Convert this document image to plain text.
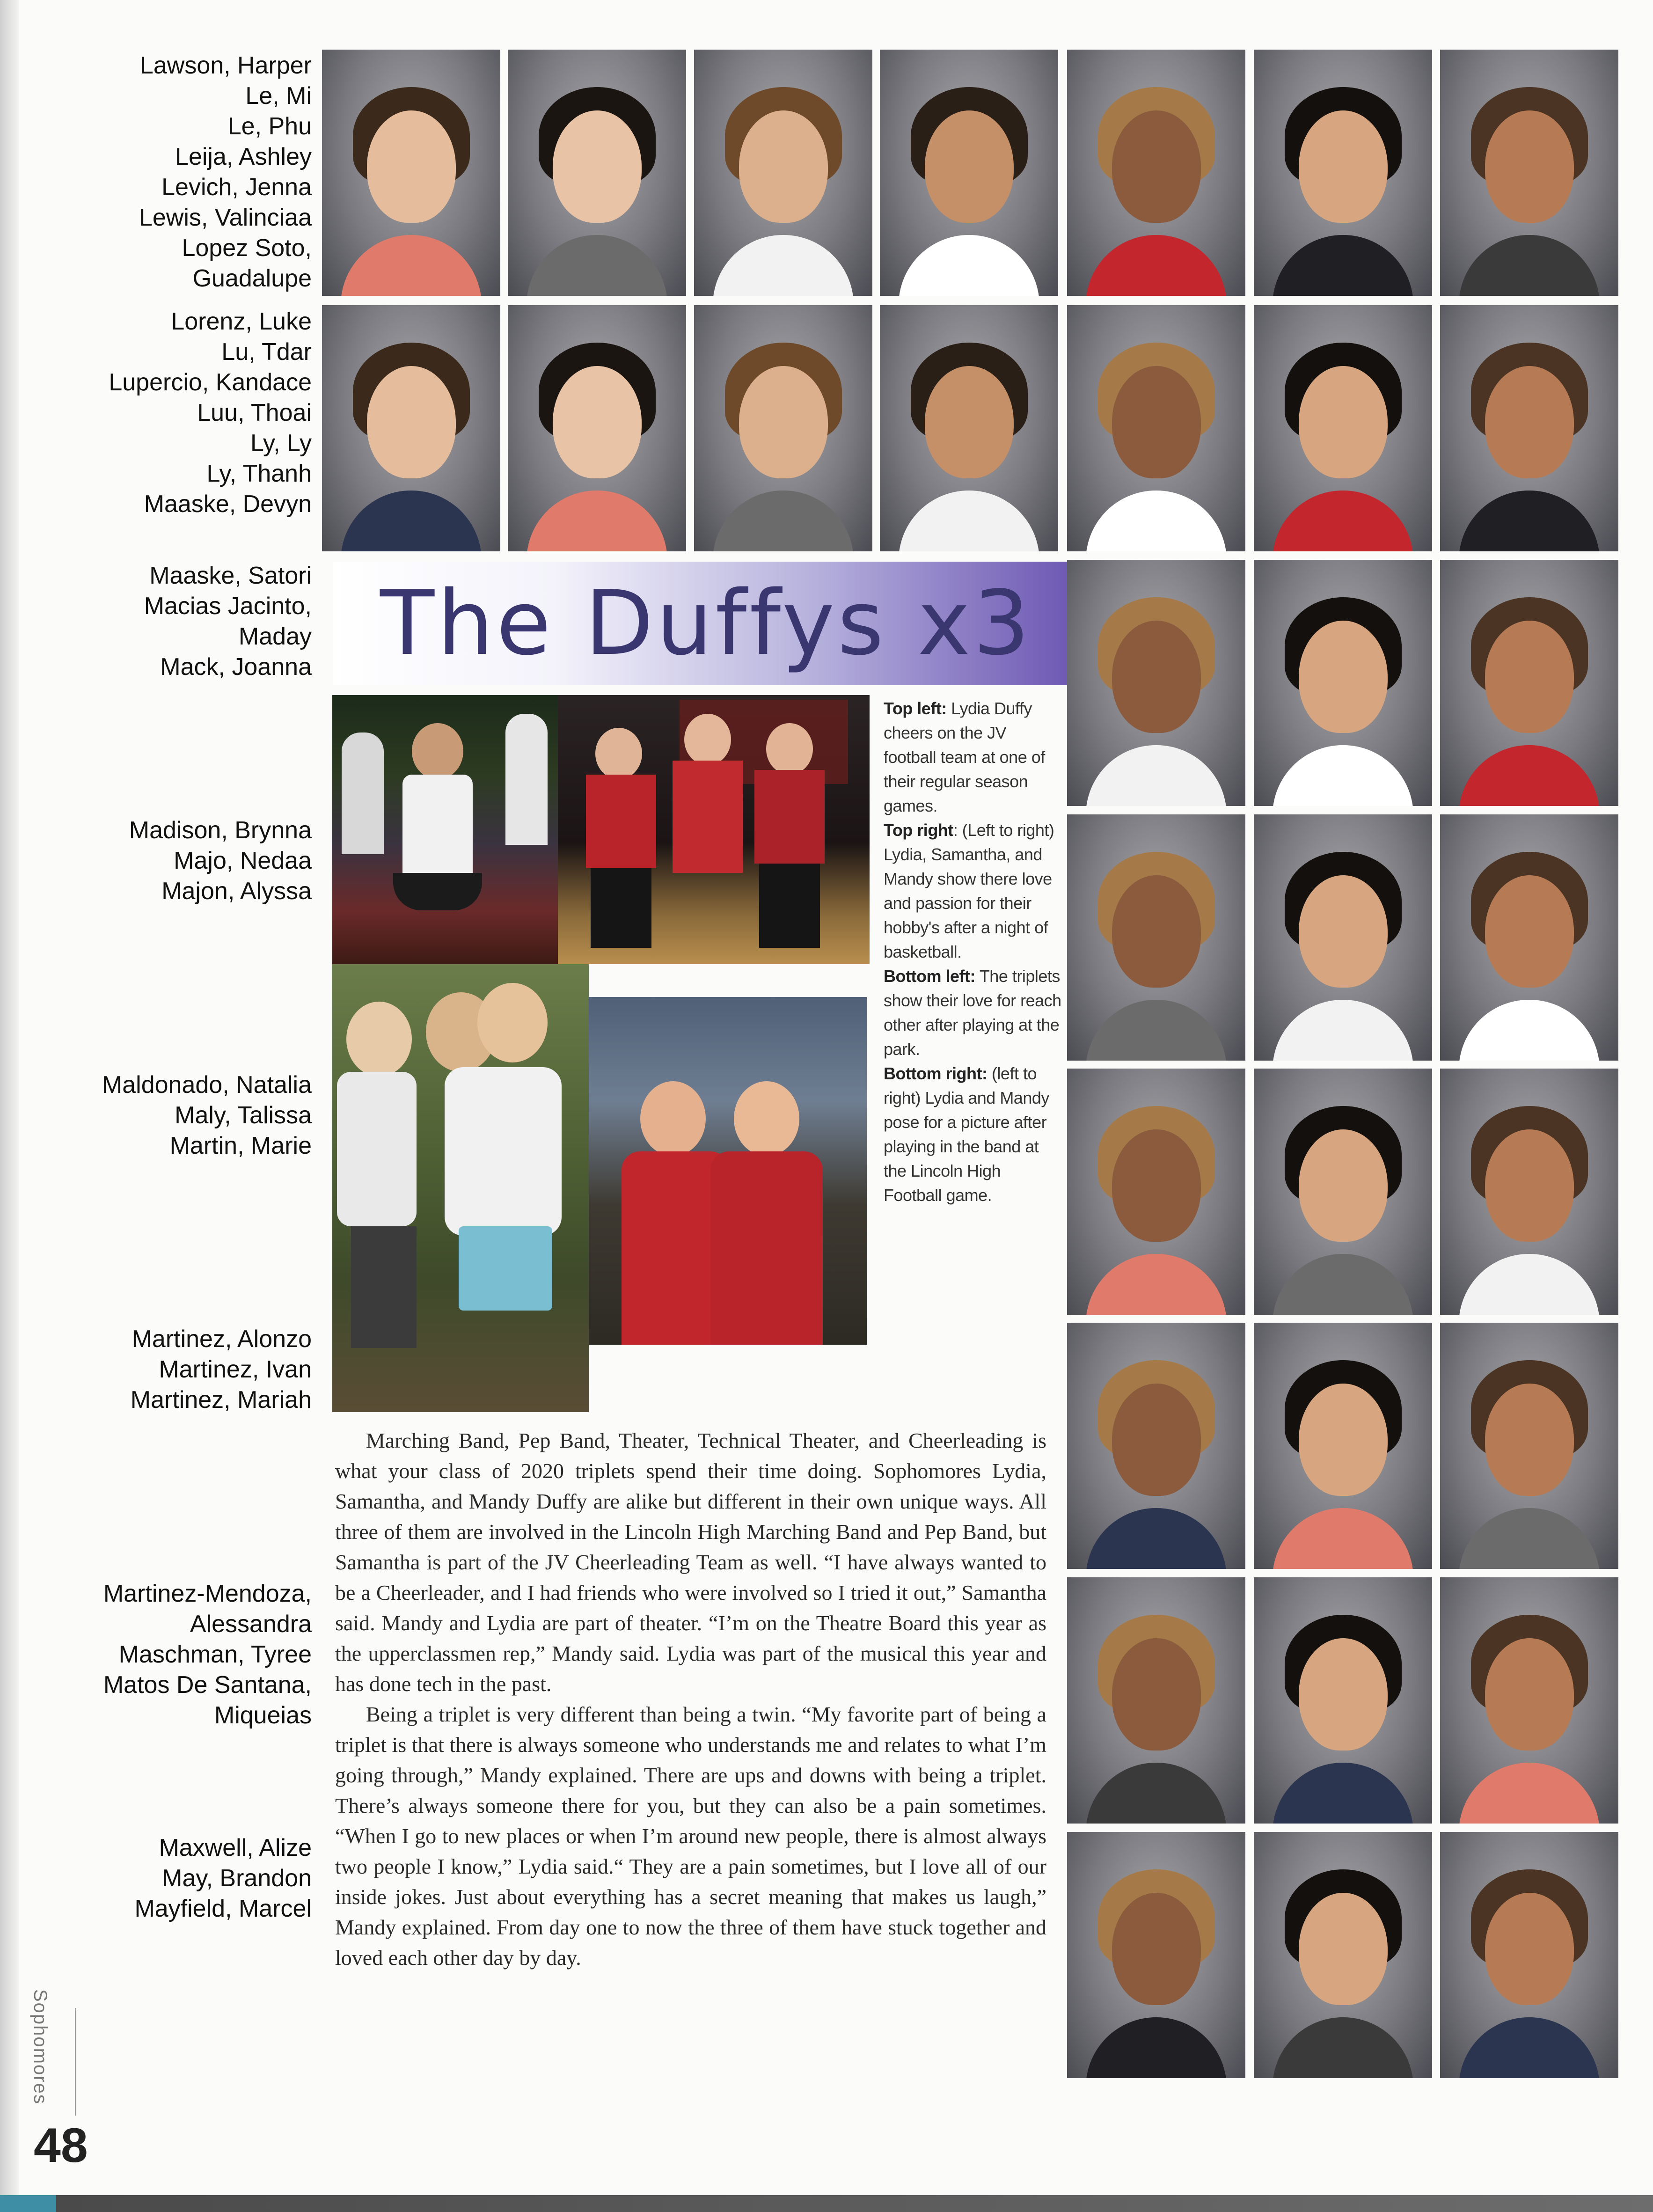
Lawson, Harper
Le, Mi
Le, Phu
Leija, Ashley
Levich, Jenna
Lewis, Valinciaa
Lopez Soto,
Guadalupe
Lorenz, Luke
Lu, Tdar
Lupercio, Kandace
Luu, Thoai
Ly, Ly
Ly, Thanh
Maaske, Devyn
Maaske, Satori
Macias Jacinto,
Maday
Mack, Joanna
Madison, Brynna
Majo, Nedaa
Majon, Alyssa
Maldonado, Natalia
Maly, Talissa
Martin, Marie
Martinez, Alonzo
Martinez, Ivan
Martinez, Mariah
Martinez-Mendoza,
Alessandra
Maschman, Tyree
Matos De Santana,
Miqueias
Maxwell, Alize
May, Brandon
Mayfield, Marcel
The Duffys x3
Top left: Lydia Duffy cheers on the JV football team at one of their regular season games.
Top right: (Left to right) Lydia, Samantha, and Mandy show there love and passion for their hobby's after a night of basketball.
Bottom left: The triplets show their love for reach other after playing at the park.
Bottom right: (left to right) Lydia and Mandy pose for a picture after playing in the band at the Lincoln High Football game.

Marching Band, Pep Band, Theater, Technical Theater, and Cheerleading is what your class of 2020 triplets spend their time doing. Sophomores Lydia, Samantha, and Mandy Duffy are alike but different in their own unique ways. All three of them are involved in the Lincoln High Marching Band and Pep Band, but Samantha is part of the JV Cheerleading Team as well. “I have always wanted to be a Cheerleader, and I had friends who were involved so I tried it out,” Samantha said. Mandy and Lydia are part of theater. “I’m on the Theatre Board this year as the upperclassmen rep,” Mandy said. Lydia was part of the musical this year and has done tech in the past.

Being a triplet is very different than being a twin. “My favorite part of being a triplet is that there is always someone who understands me and relates to what I’m going through,” Mandy explained. There are ups and downs with being a triplet. There’s always someone there for you, but they can also be a pain sometimes. “When I go to new places or when I’m around new people, there is almost always two people I know,” Lydia said.“ They are a pain sometimes, but I love all of our inside jokes. Just about everything has a secret meaning that makes us laugh,” Mandy explained. From day one to now the three of them have stuck together and loved each other day by day.

Sophomores
48
